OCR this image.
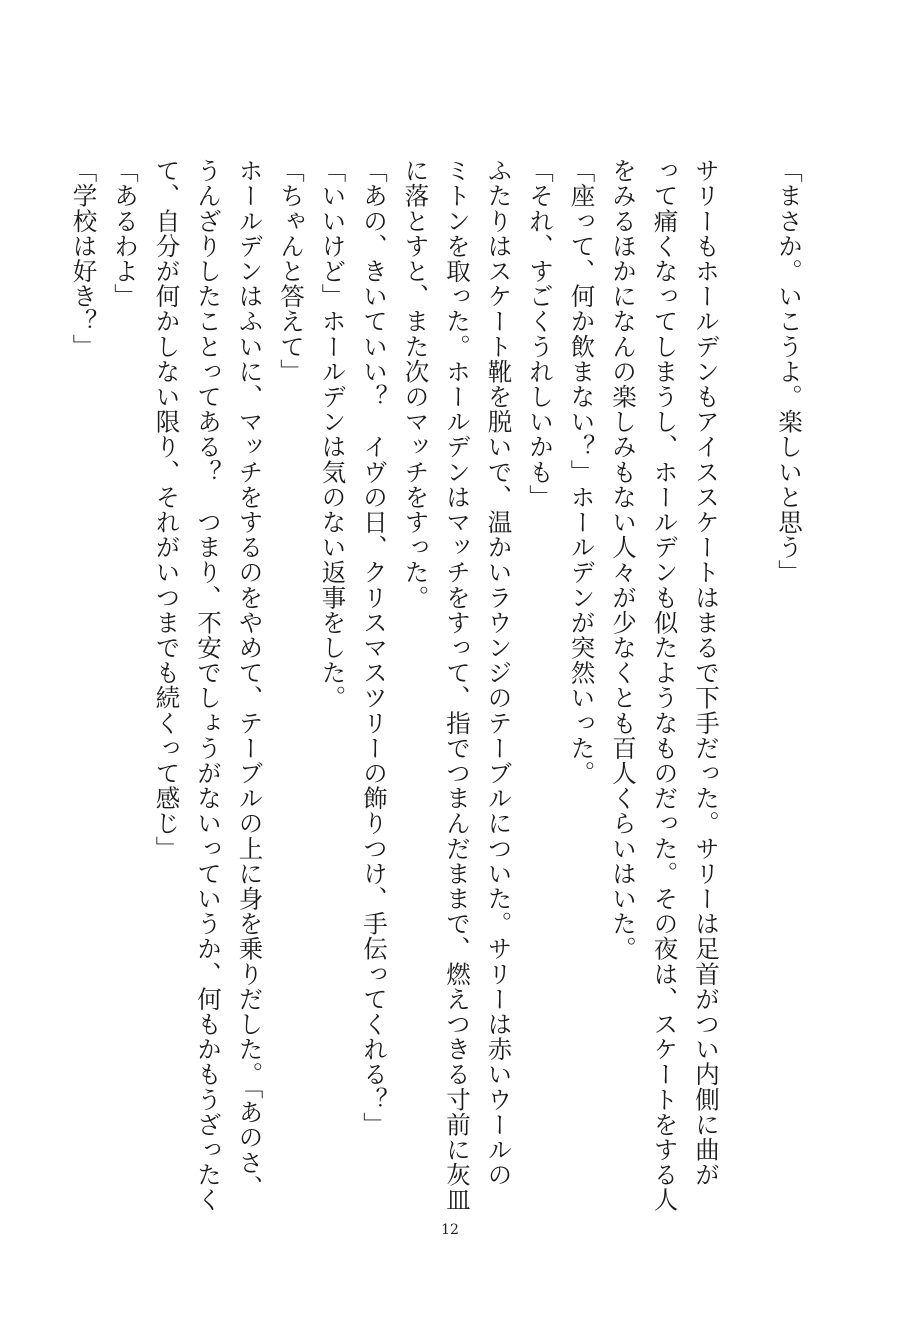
「まさか。いこうよ。楽しいと思う」
サリーもホールデンもアイススケートはまるで下手だった。サリーは足首がつい内側に曲が
って痛くなってしまうし、ホールデンも似たようなものだった。その夜は、スケートをする人
をみるほかになんの楽しみもない人々が少なくとも百人くらいはいた。
「座って、何か飲まない？」ホールデンが突然いった。
「それ、すごくうれしいかも」
ふたりはスケート靴を脱いで、温かいラウンジのテーブルについた。サリーは赤いウールの
ミトンを取った。ホールデンはマッチをすって、指でつまんだままで、燃えつきる寸前に灰皿
に落とすと、また次のマッチをすった。
「あの、きいていい？　イヴの日、クリスマスツリーの飾りつけ、手伝ってくれる？」
「いいけど」ホールデンは気のない返事をした。
「ちゃんと答えて」
ホールデンはふいに、マッチをするのをやめて、テーブルの上に身を乗りだした。「あのさ、
うんざりしたことってある？　つまり、不安でしょうがないっていうか、何もかもうざったく
て、自分が何かしない限り、それがいつまでも続くって感じ」
「あるわよ」
「学校は好き？」
12
